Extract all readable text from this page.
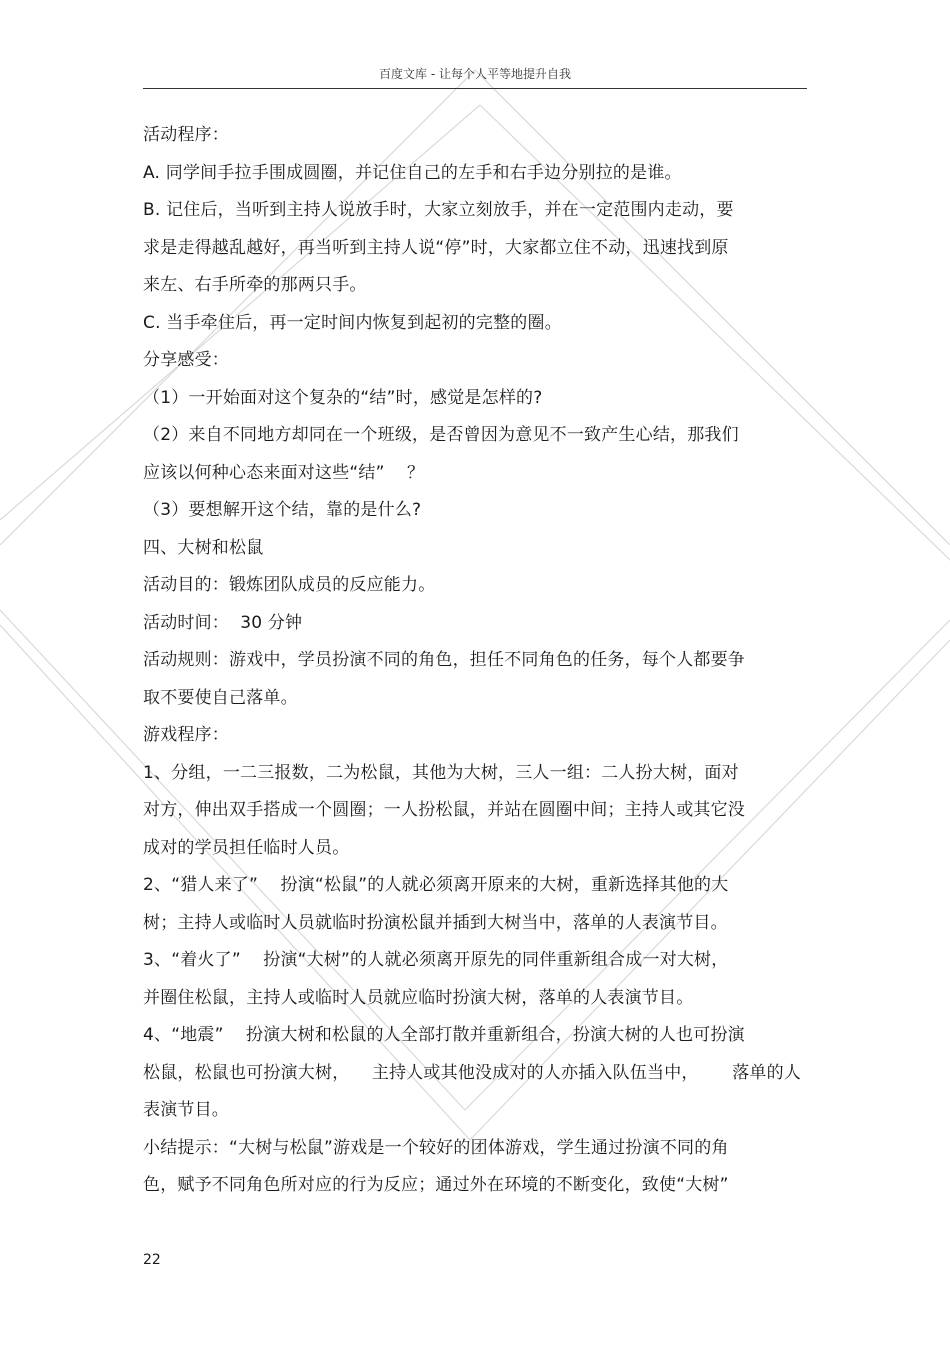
百度文库 - 让每个人平等地提升自我
活动程序：
A. 同学间手拉手围成圆圈，并记住自己的左手和右手边分别拉的是谁。
B. 记住后，当听到主持人说放手时，大家立刻放手，并在一定范围内走动，要
求是走得越乱越好，再当听到主持人说“停”时，大家都立住不动，迅速找到原
来左、右手所牵的那两只手。
C. 当手牵住后，再一定时间内恢复到起初的完整的圈。
分享感受：
（1）一开始面对这个复杂的“结”时，感觉是怎样的?
（2）来自不同地方却同在一个班级，是否曾因为意见不一致产生心结，那我们
应该以何种心态来面对这些“结”    ？
（3）要想解开这个结，靠的是什么?
四、大树和松鼠
活动目的：锻炼团队成员的反应能力。
活动时间：  30 分钟
活动规则：游戏中，学员扮演不同的角色，担任不同角色的任务，每个人都要争
取不要使自己落单。
游戏程序：
1、分组，一二三报数，二为松鼠，其他为大树，三人一组：二人扮大树，面对
对方，伸出双手搭成一个圆圈；一人扮松鼠，并站在圆圈中间；主持人或其它没
成对的学员担任临时人员。
2、“猎人来了”    扮演“松鼠”的人就必须离开原来的大树，重新选择其他的大
树；主持人或临时人员就临时扮演松鼠并插到大树当中，落单的人表演节目。
3、“着火了”    扮演“大树”的人就必须离开原先的同伴重新组合成一对大树，
并圈住松鼠，主持人或临时人员就应临时扮演大树，落单的人表演节目。
4、“地震”    扮演大树和松鼠的人全部打散并重新组合，扮演大树的人也可扮演
松鼠，松鼠也可扮演大树，    主持人或其他没成对的人亦插入队伍当中，      落单的人
表演节目。
小结提示：“大树与松鼠”游戏是一个较好的团体游戏，学生通过扮演不同的角
色，赋予不同角色所对应的行为反应；通过外在环境的不断变化，致使“大树”
22
